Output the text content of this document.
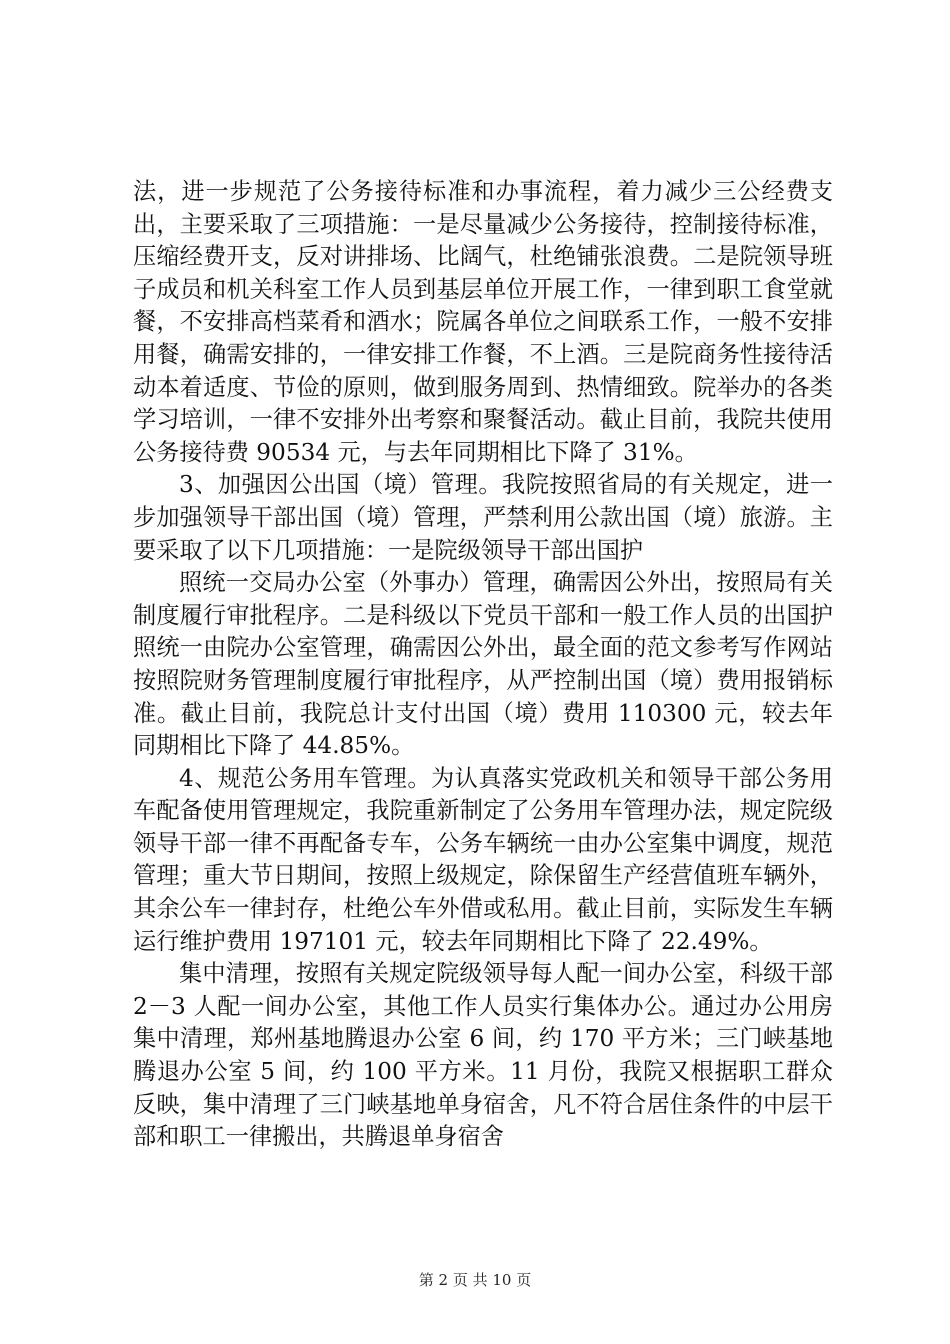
法，进一步规范了公务接待标准和办事流程，着力减少三公经费支出，主要采取了三项措施：一是尽量减少公务接待，控制接待标准，压缩经费开支，反对讲排场、比阔气，杜绝铺张浪费。二是院领导班子成员和机关科室工作人员到基层单位开展工作，一律到职工食堂就餐，不安排高档菜肴和酒水；院属各单位之间联系工作，一般不安排用餐，确需安排的，一律安排工作餐，不上酒。三是院商务性接待活动本着适度、节俭的原则，做到服务周到、热情细致。院举办的各类学习培训，一律不安排外出考察和聚餐活动。截止目前，我院共使用公务接待费 90534 元，与去年同期相比下降了 31%。

3、加强因公出国（境）管理。我院按照省局的有关规定，进一步加强领导干部出国（境）管理，严禁利用公款出国（境）旅游。主要采取了以下几项措施：一是院级领导干部出国护

照统一交局办公室（外事办）管理，确需因公外出，按照局有关制度履行审批程序。二是科级以下党员干部和一般工作人员的出国护照统一由院办公室管理，确需因公外出，最全面的范文参考写作网站按照院财务管理制度履行审批程序，从严控制出国（境）费用报销标准。截止目前，我院总计支付出国（境）费用 110300 元，较去年同期相比下降了 44.85%。

4、规范公务用车管理。为认真落实党政机关和领导干部公务用车配备使用管理规定，我院重新制定了公务用车管理办法，规定院级领导干部一律不再配备专车，公务车辆统一由办公室集中调度，规范管理；重大节日期间，按照上级规定，除保留生产经营值班车辆外，其余公车一律封存，杜绝公车外借或私用。截止目前，实际发生车辆运行维护费用 197101 元，较去年同期相比下降了 22.49%。

集中清理，按照有关规定院级领导每人配一间办公室，科级干部 2－3 人配一间办公室，其他工作人员实行集体办公。通过办公用房集中清理，郑州基地腾退办公室 6 间，约 170 平方米；三门峡基地腾退办公室 5 间，约 100 平方米。11 月份，我院又根据职工群众反映，集中清理了三门峡基地单身宿舍，凡不符合居住条件的中层干部和职工一律搬出，共腾退单身宿舍

第 2 页 共 10 页
